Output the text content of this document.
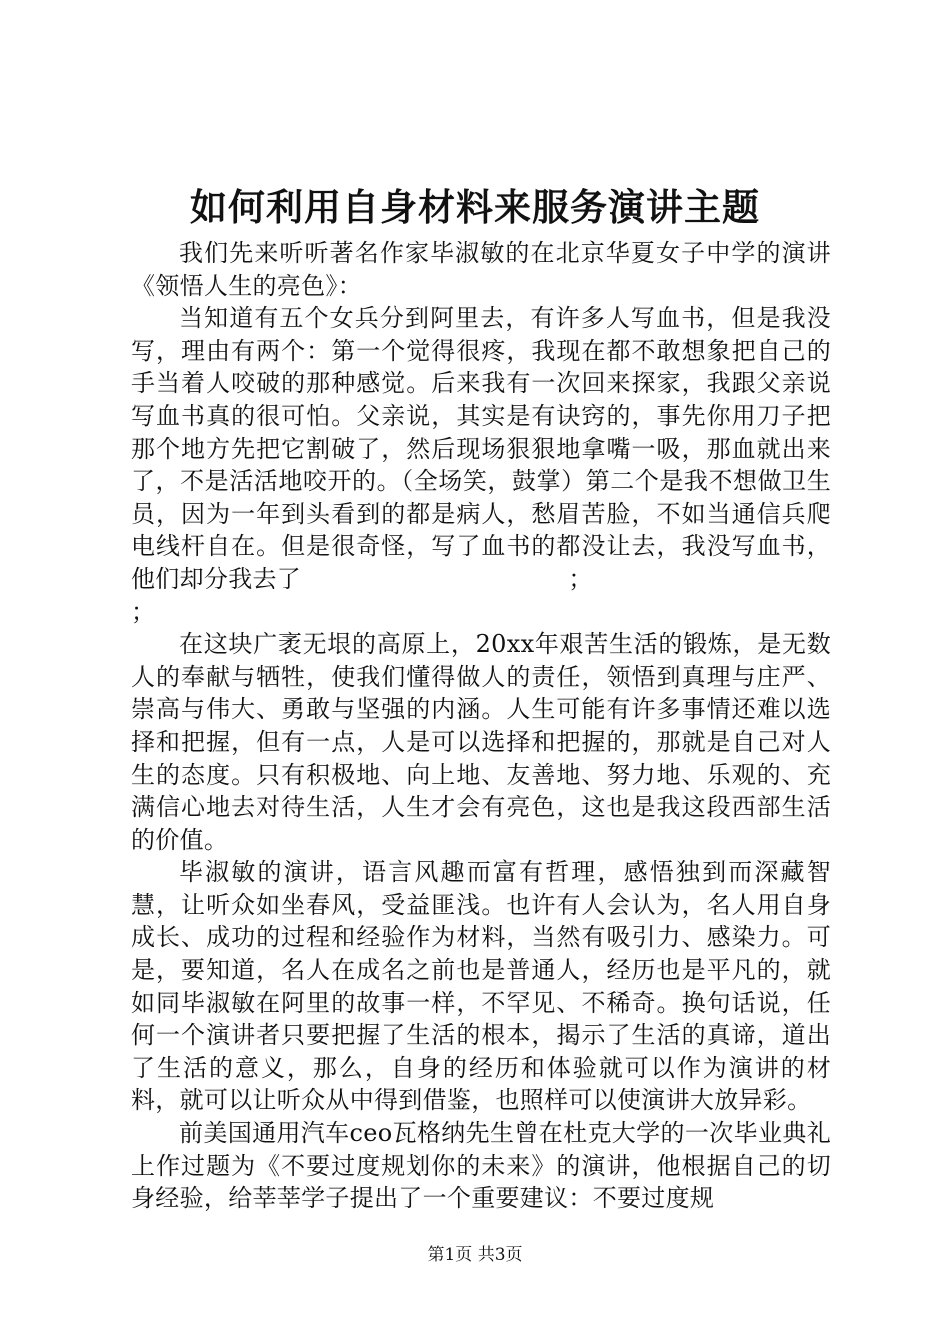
如何利用自身材料来服务演讲主题

我们先来听听著名作家毕淑敏的在北京华夏女子中学的演讲《领悟人生的亮色》：

当知道有五个女兵分到阿里去，有许多人写血书，但是我没写，理由有两个：第一个觉得很疼，我现在都不敢想象把自己的手当着人咬破的那种感觉。后来我有一次回来探家，我跟父亲说写血书真的很可怕。父亲说，其实是有诀窍的，事先你用刀子把那个地方先把它割破了，然后现场狠狠地拿嘴一吸，那血就出来了，不是活活地咬开的。（全场笑，鼓掌）第二个是我不想做卫生员，因为一年到头看到的都是病人，愁眉苦脸，不如当通信兵爬电线杆自在。但是很奇怪，写了血书的都没让去，我没写血书，他们却分我去了　　　　　　　　　　　；

；

在这块广袤无垠的高原上，20xx年艰苦生活的锻炼，是无数人的奉献与牺牲，使我们懂得做人的责任，领悟到真理与庄严、崇高与伟大、勇敢与坚强的内涵。人生可能有许多事情还难以选择和把握，但有一点，人是可以选择和把握的，那就是自己对人生的态度。只有积极地、向上地、友善地、努力地、乐观的、充满信心地去对待生活，人生才会有亮色，这也是我这段西部生活的价值。

毕淑敏的演讲，语言风趣而富有哲理，感悟独到而深藏智慧，让听众如坐春风，受益匪浅。也许有人会认为，名人用自身成长、成功的过程和经验作为材料，当然有吸引力、感染力。可是，要知道，名人在成名之前也是普通人，经历也是平凡的，就如同毕淑敏在阿里的故事一样，不罕见、不稀奇。换句话说，任何一个演讲者只要把握了生活的根本，揭示了生活的真谛，道出了生活的意义，那么，自身的经历和体验就可以作为演讲的材料，就可以让听众从中得到借鉴，也照样可以使演讲大放异彩。

前美国通用汽车ceo瓦格纳先生曾在杜克大学的一次毕业典礼上作过题为《不要过度规划你的未来》的演讲，他根据自己的切身经验，给莘莘学子提出了一个重要建议：不要过度规

第1页 共3页
